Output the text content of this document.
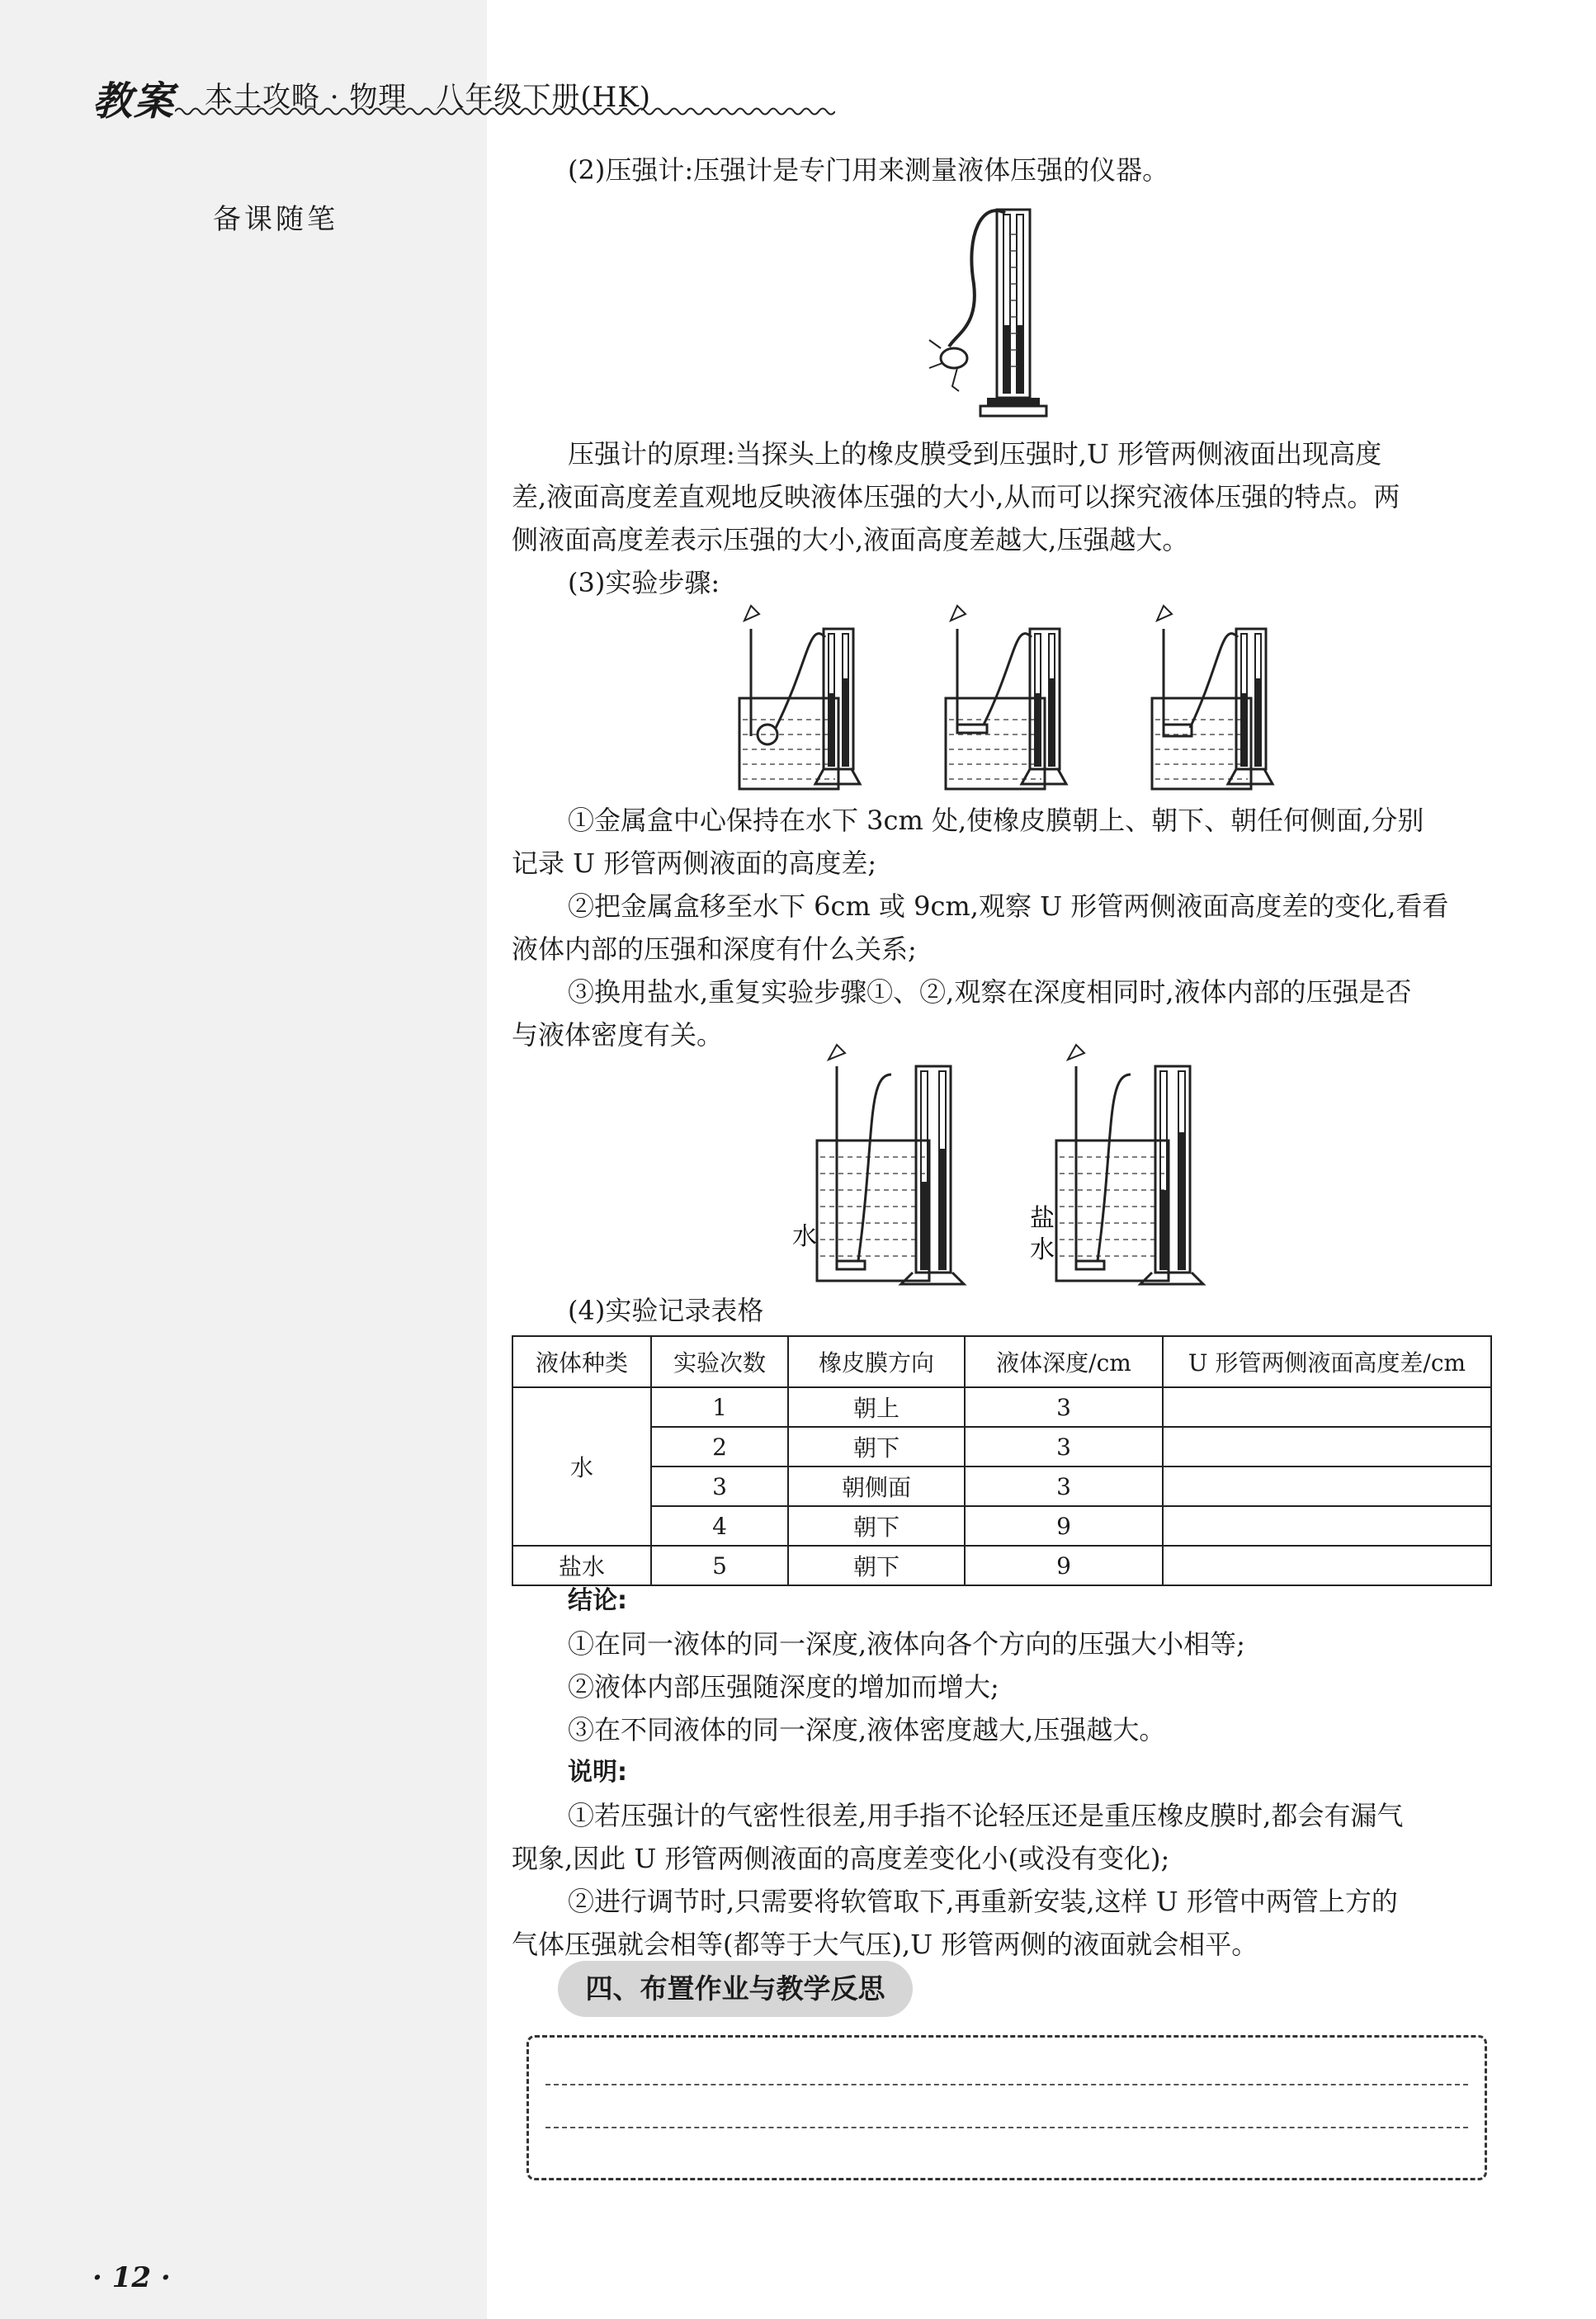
教案 本土攻略 · 物理　八年级下册(HK)
备课随笔
(2)压强计:压强计是专门用来测量液体压强的仪器。
压强计的原理:当探头上的橡皮膜受到压强时,U 形管两侧液面出现高度
差,液面高度差直观地反映液体压强的大小,从而可以探究液体压强的特点。两
侧液面高度差表示压强的大小,液面高度差越大,压强越大。
(3)实验步骤:
①金属盒中心保持在水下 3cm 处,使橡皮膜朝上、朝下、朝任何侧面,分别
记录 U 形管两侧液面的高度差;
②把金属盒移至水下 6cm 或 9cm,观察 U 形管两侧液面高度差的变化,看看
液体内部的压强和深度有什么关系;
③换用盐水,重复实验步骤①、②,观察在深度相同时,液体内部的压强是否
与液体密度有关。
水
盐
水
(4)实验记录表格
液体种类	实验次数	橡皮膜方向	液体深度/cm	U 形管两侧液面高度差/cm
水	1	朝上	3	
	2	朝下	3	
	3	朝侧面	3	
	4	朝下	9	
盐水	5	朝下	9	
结论:
①在同一液体的同一深度,液体向各个方向的压强大小相等;
②液体内部压强随深度的增加而增大;
③在不同液体的同一深度,液体密度越大,压强越大。
说明:
①若压强计的气密性很差,用手指不论轻压还是重压橡皮膜时,都会有漏气
现象,因此 U 形管两侧液面的高度差变化小(或没有变化);
②进行调节时,只需要将软管取下,再重新安装,这样 U 形管中两管上方的
气体压强就会相等(都等于大气压),U 形管两侧的液面就会相平。
四、布置作业与教学反思
· 12 ·
